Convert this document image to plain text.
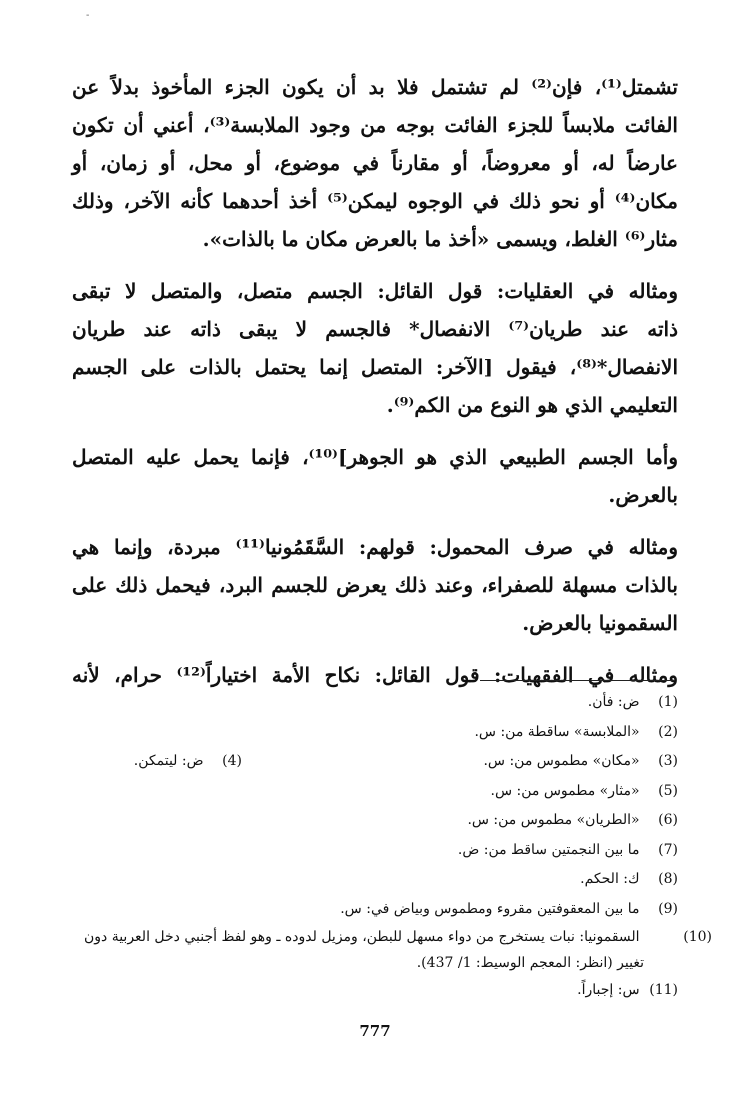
-

تشمتل⁽¹⁾، فإن⁽²⁾ لم تشتمل فلا بد أن يكون الجزء المأخوذ بدلاً عن
الفائت ملابساً للجزء الفائت بوجه من وجود الملابسة⁽³⁾، أعني أن تكون
عارضاً له، أو معروضاً، أو مقارناً في موضوع، أو محل، أو زمان، أو
مكان⁽⁴⁾ أو نحو ذلك في الوجوه ليمكن⁽⁵⁾ أخذ أحدهما كأنه الآخر، وذلك
مثار⁽⁶⁾ الغلط، ويسمى «أخذ ما بالعرض مكان ما بالذات».

ومثاله في العقليات: قول القائل: الجسم متصل، والمتصل لا تبقى
ذاته عند طريان⁽⁷⁾ الانفصال* فالجسم لا يبقى ذاته عند طريان
الانفصال*⁽⁸⁾، فيقول [الآخر: المتصل إنما يحتمل بالذات على الجسم
التعليمي الذي هو النوع من الكم⁽⁹⁾.

وأما الجسم الطبيعي الذي هو الجوهر]⁽¹⁰⁾، فإنما يحمل عليه المتصل
بالعرض.

ومثاله في صرف المحمول: قولهم: السَّقَمُونيا⁽¹¹⁾ مبردة، وإنما هي
بالذات مسهلة للصفراء، وعند ذلك يعرض للجسم البرد، فيحمل ذلك على
السقمونيا بالعرض.

ومثاله في الفقهيات: قول القائل: نكاح الأمة اختياراً⁽¹²⁾ حرام، لأنه

(1) ض: فأن.
(2) «الملابسة» ساقطة من: س.
(3) «مكان» مطموس من: س.
(4) ض: ليتمكن.
(5) «مثار» مطموس من: س.
(6) «الطريان» مطموس من: س.
(7) ما بين النجمتين ساقط من: ض.
(8) ك: الحكم.
(9) ما بين المعقوفتين مقروء ومطموس وبياض في: س.
(10) السقمونيا: نبات يستخرج من دواء مسهل للبطن، ومزيل لدوده ـ وهو لفظ أجنبي دخل العربية دون تغيير (انظر: المعجم الوسيط: 1/ 437).
(11) س: إجباراً.
777
